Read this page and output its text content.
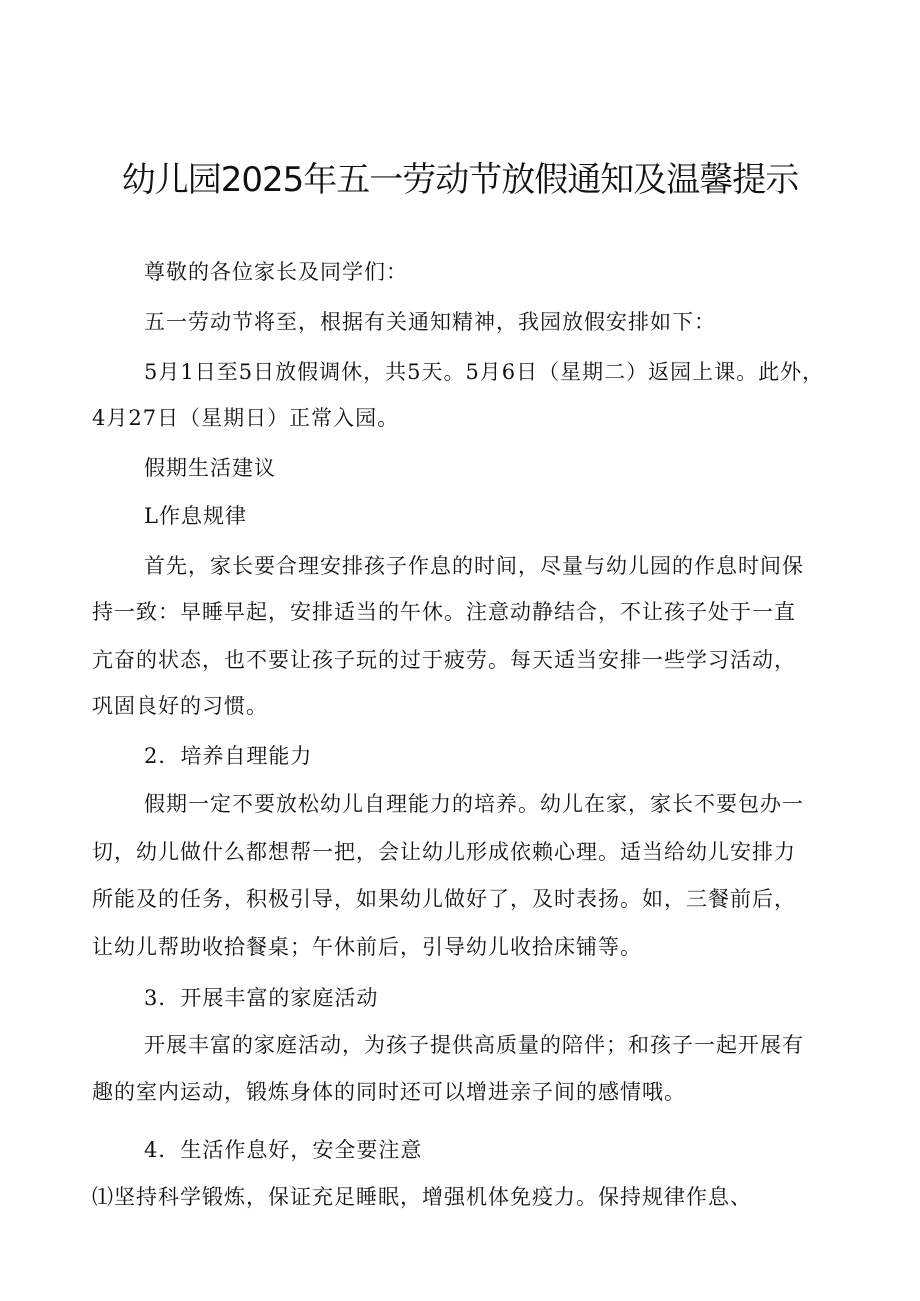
幼儿园2025年五一劳动节放假通知及温馨提示
尊敬的各位家长及同学们：
五一劳动节将至，根据有关通知精神，我园放假安排如下：
5月1日至5日放假调休，共5天。5月6日（星期二）返园上课。此外，
4月27日（星期日）正常入园。
假期生活建议
L作息规律
首先，家长要合理安排孩子作息的时间，尽量与幼儿园的作息时间保
持一致：早睡早起，安排适当的午休。注意动静结合，不让孩子处于一直
亢奋的状态，也不要让孩子玩的过于疲劳。每天适当安排一些学习活动，
巩固良好的习惯。
2．培养自理能力
假期一定不要放松幼儿自理能力的培养。幼儿在家，家长不要包办一
切，幼儿做什么都想帮一把，会让幼儿形成依赖心理。适当给幼儿安排力
所能及的任务，积极引导，如果幼儿做好了，及时表扬。如，三餐前后，
让幼儿帮助收拾餐桌；午休前后，引导幼儿收拾床铺等。
3．开展丰富的家庭活动
开展丰富的家庭活动，为孩子提供高质量的陪伴；和孩子一起开展有
趣的室内运动，锻炼身体的同时还可以增进亲子间的感情哦。
4．生活作息好，安全要注意
⑴坚持科学锻炼，保证充足睡眠，增强机体免疫力。保持规律作息、
